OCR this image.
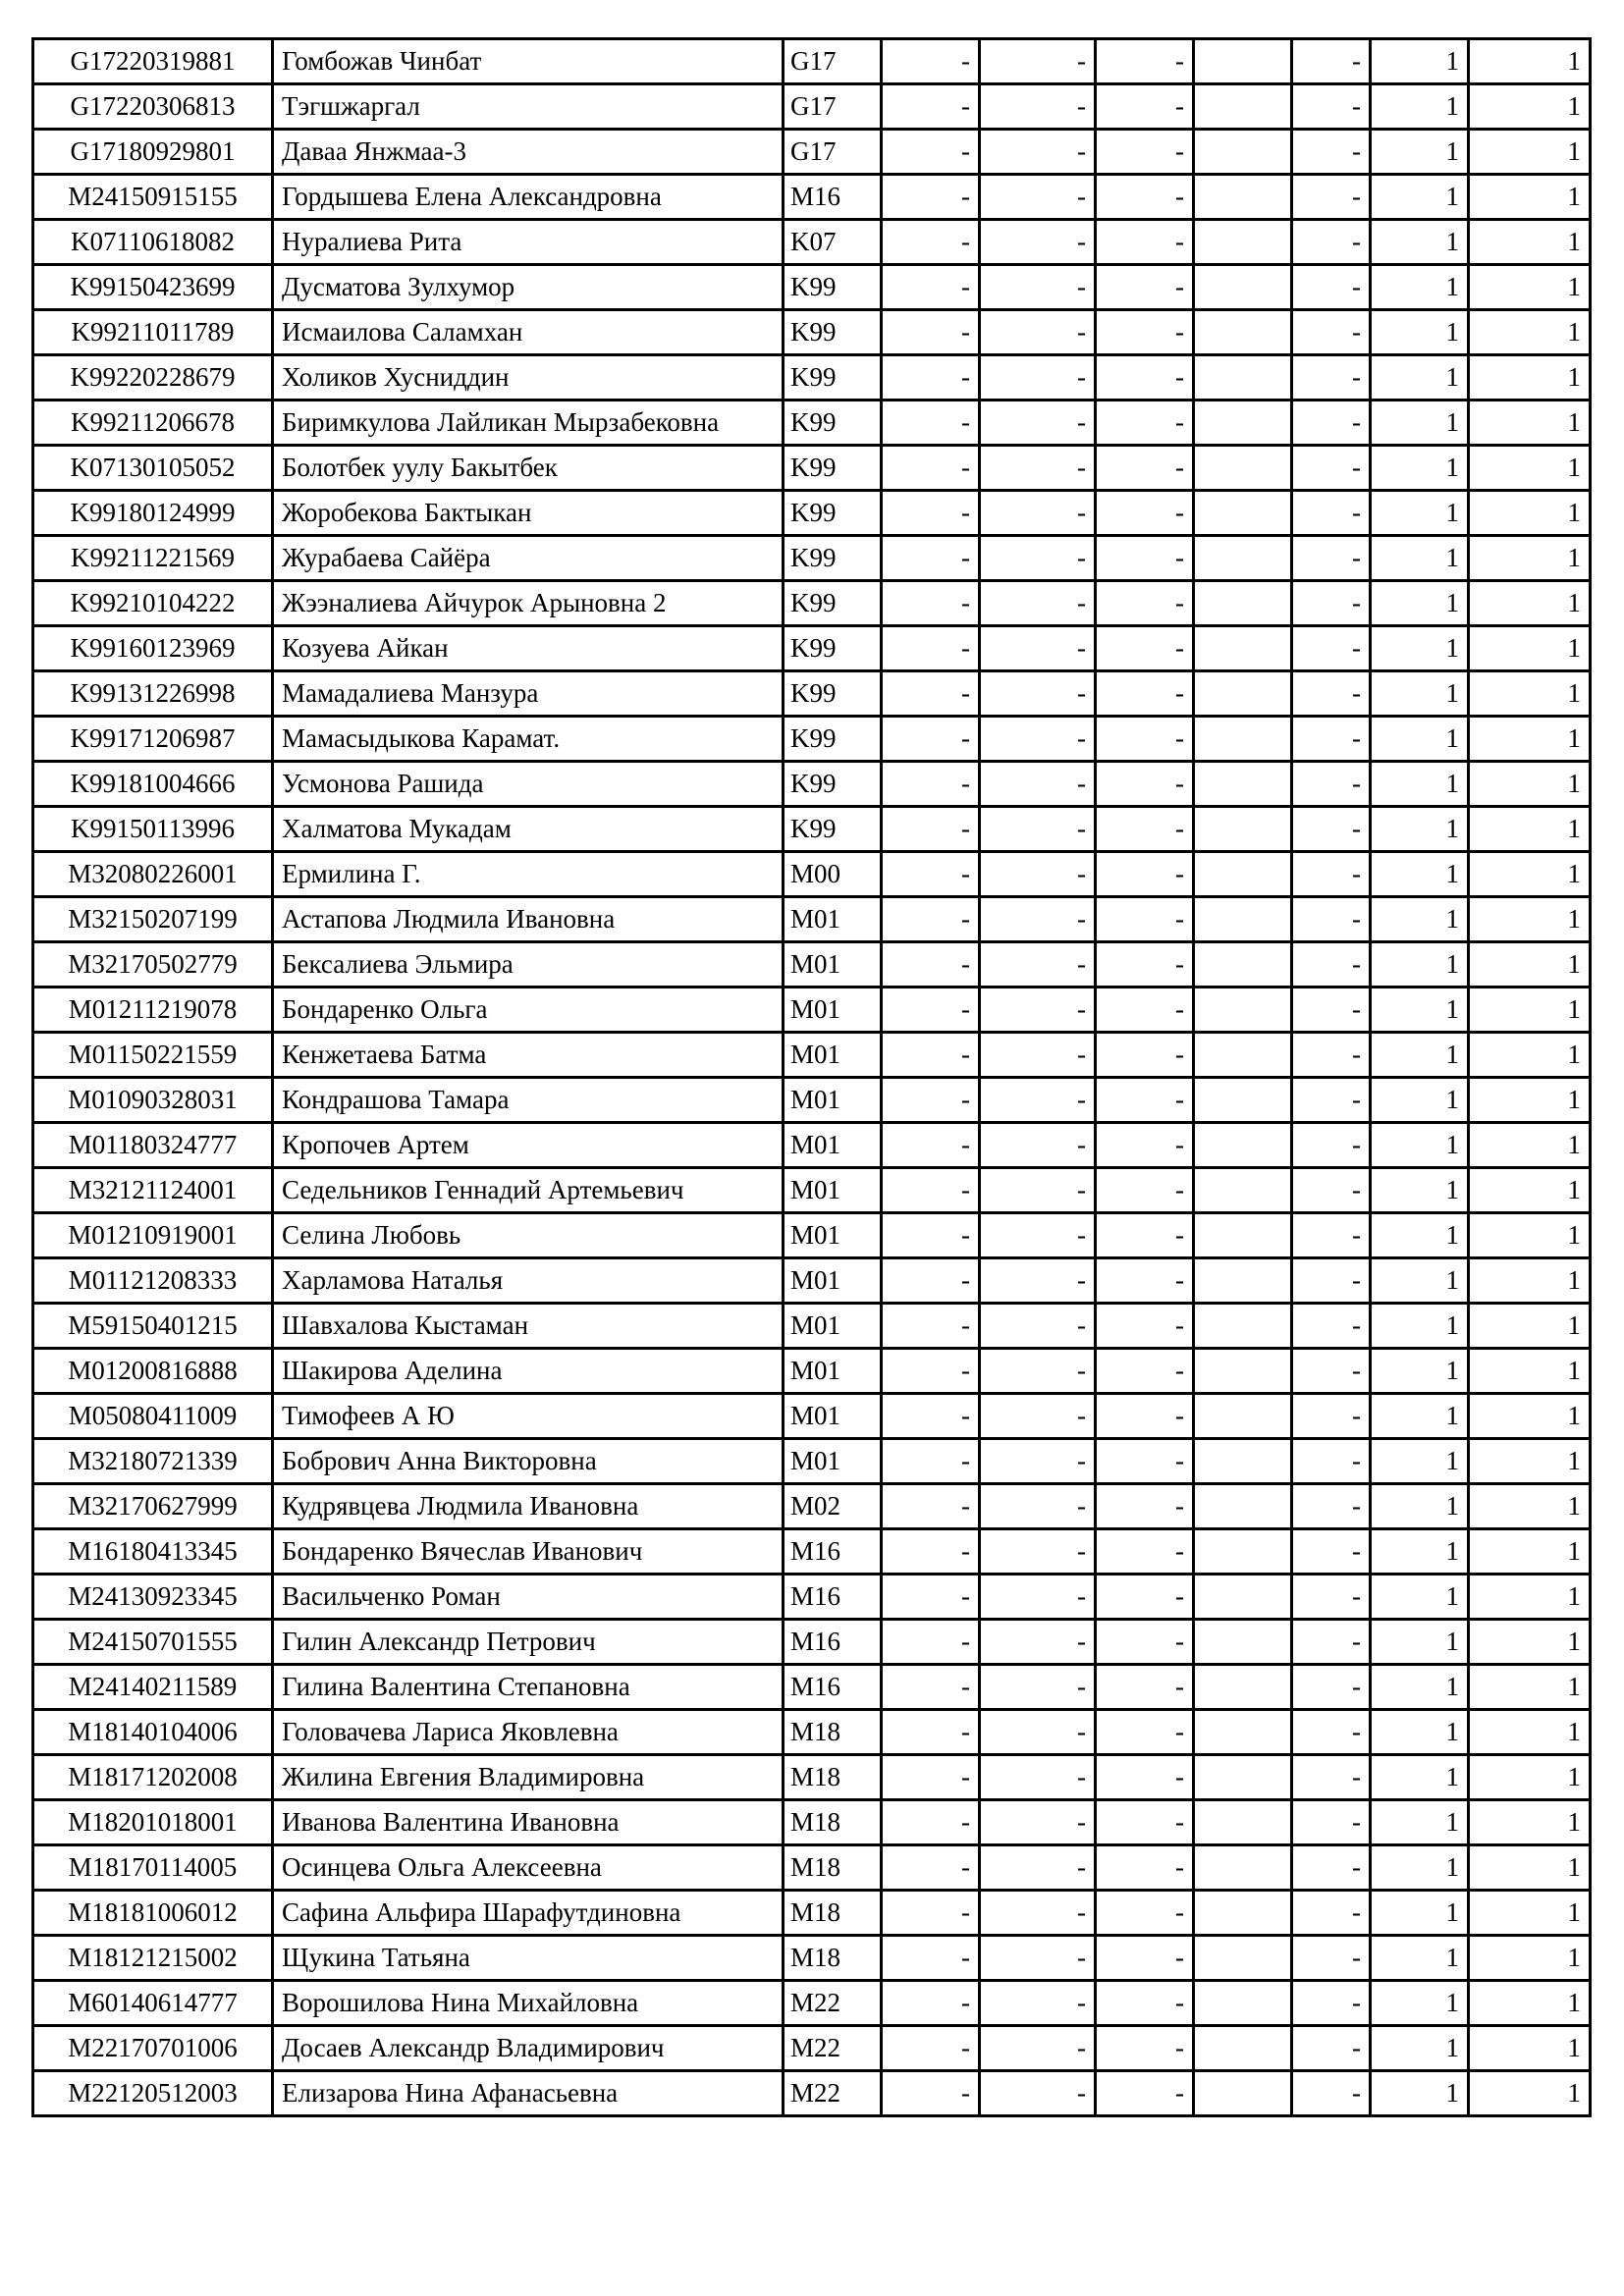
G17220319881	Гомбожав Чинбат	G17	-	-	-		-	1	1
G17220306813	Тэгшжаргал	G17	-	-	-		-	1	1
G17180929801	Даваа Янжмаа-3	G17	-	-	-		-	1	1
M24150915155	Гордышева Елена Александровна	M16	-	-	-		-	1	1
K07110618082	Нуралиева Рита	K07	-	-	-		-	1	1
K99150423699	Дусматова Зулхумор	K99	-	-	-		-	1	1
K99211011789	Исмаилова Саламхан	K99	-	-	-		-	1	1
K99220228679	Холиков Хусниддин	K99	-	-	-		-	1	1
K99211206678	Биримкулова Лайликан Мырзабековна	K99	-	-	-		-	1	1
K07130105052	Болотбек уулу Бакытбек	K99	-	-	-		-	1	1
K99180124999	Жоробекова Бактыкан	K99	-	-	-		-	1	1
K99211221569	Журабаева Сайёра	K99	-	-	-		-	1	1
K99210104222	Жээналиева Айчурок Арыновна 2	K99	-	-	-		-	1	1
K99160123969	Козуева Айкан	K99	-	-	-		-	1	1
K99131226998	Мамадалиева Манзура	K99	-	-	-		-	1	1
K99171206987	Мамасыдыкова Карамат.	K99	-	-	-		-	1	1
K99181004666	Усмонова Рашида	K99	-	-	-		-	1	1
K99150113996	Халматова Мукадам	K99	-	-	-		-	1	1
M32080226001	Ермилина Г.	M00	-	-	-		-	1	1
M32150207199	Астапова Людмила Ивановна	M01	-	-	-		-	1	1
M32170502779	Бексалиева Эльмира	M01	-	-	-		-	1	1
M01211219078	Бондаренко Ольга	M01	-	-	-		-	1	1
M01150221559	Кенжетаева Батма	M01	-	-	-		-	1	1
M01090328031	Кондрашова Тамара	M01	-	-	-		-	1	1
M01180324777	Кропочев Артем	M01	-	-	-		-	1	1
M32121124001	Седельников Геннадий Артемьевич	M01	-	-	-		-	1	1
M01210919001	Селина Любовь	M01	-	-	-		-	1	1
M01121208333	Харламова Наталья	M01	-	-	-		-	1	1
M59150401215	Шавхалова Кыстаман	M01	-	-	-		-	1	1
M01200816888	Шакирова Аделина	M01	-	-	-		-	1	1
M05080411009	Тимофеев А Ю	M01	-	-	-		-	1	1
M32180721339	Бобрович Анна Викторовна	M01	-	-	-		-	1	1
M32170627999	Кудрявцева Людмила Ивановна	M02	-	-	-		-	1	1
M16180413345	Бондаренко Вячеслав Иванович	M16	-	-	-		-	1	1
M24130923345	Васильченко Роман	M16	-	-	-		-	1	1
M24150701555	Гилин Александр Петрович	M16	-	-	-		-	1	1
M24140211589	Гилина Валентина Степановна	M16	-	-	-		-	1	1
M18140104006	Головачева Лариса Яковлевна	M18	-	-	-		-	1	1
M18171202008	Жилина Евгения Владимировна	M18	-	-	-		-	1	1
M18201018001	Иванова Валентина Ивановна	M18	-	-	-		-	1	1
M18170114005	Осинцева Ольга Алексеевна	M18	-	-	-		-	1	1
M18181006012	Сафина Альфира Шарафутдиновна	M18	-	-	-		-	1	1
M18121215002	Щукина Татьяна	M18	-	-	-		-	1	1
M60140614777	Ворошилова Нина Михайловна	M22	-	-	-		-	1	1
M22170701006	Досаев Александр Владимирович	M22	-	-	-		-	1	1
M22120512003	Елизарова Нина Афанасьевна	M22	-	-	-		-	1	1
